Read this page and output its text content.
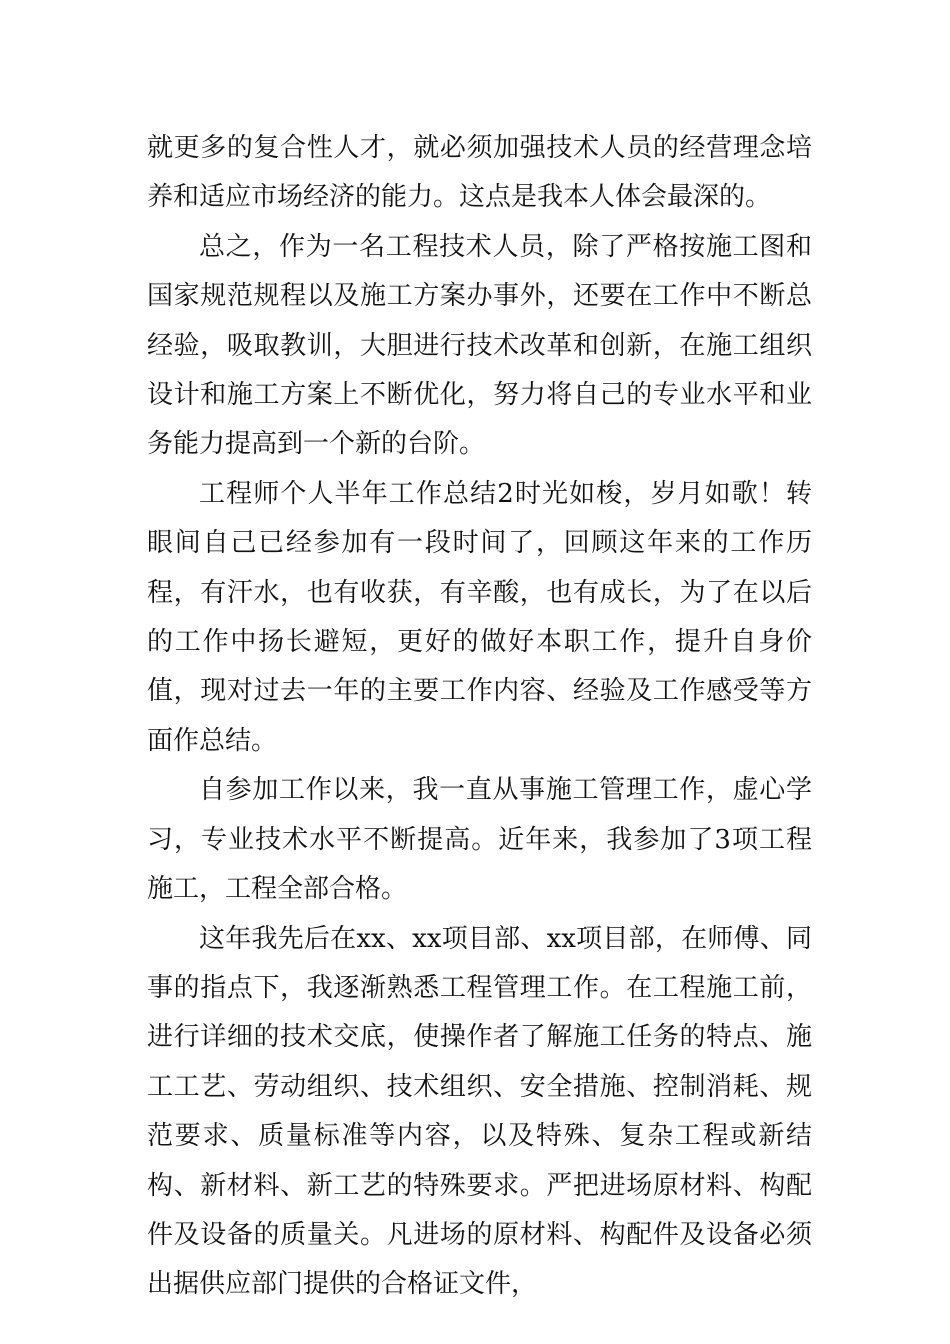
就更多的复合性人才，就必须加强技术人员的经营理念培养和适应市场经济的能力。这点是我本人体会最深的。

总之，作为一名工程技术人员，除了严格按施工图和国家规范规程以及施工方案办事外，还要在工作中不断总经验，吸取教训，大胆进行技术改革和创新，在施工组织设计和施工方案上不断优化，努力将自己的专业水平和业务能力提高到一个新的台阶。

工程师个人半年工作总结2时光如梭，岁月如歌！转眼间自己已经参加有一段时间了，回顾这年来的工作历程，有汗水，也有收获，有辛酸，也有成长，为了在以后的工作中扬长避短，更好的做好本职工作，提升自身价值，现对过去一年的主要工作内容、经验及工作感受等方面作总结。

自参加工作以来，我一直从事施工管理工作，虚心学习，专业技术水平不断提高。近年来，我参加了3项工程施工，工程全部合格。

这年我先后在xx、xx项目部、xx项目部，在师傅、同事的指点下，我逐渐熟悉工程管理工作。在工程施工前，进行详细的技术交底，使操作者了解施工任务的特点、施工工艺、劳动组织、技术组织、安全措施、控制消耗、规范要求、质量标准等内容，以及特殊、复杂工程或新结构、新材料、新工艺的特殊要求。严把进场原材料、构配件及设备的质量关。凡进场的原材料、构配件及设备必须出据供应部门提供的合格证文件，
